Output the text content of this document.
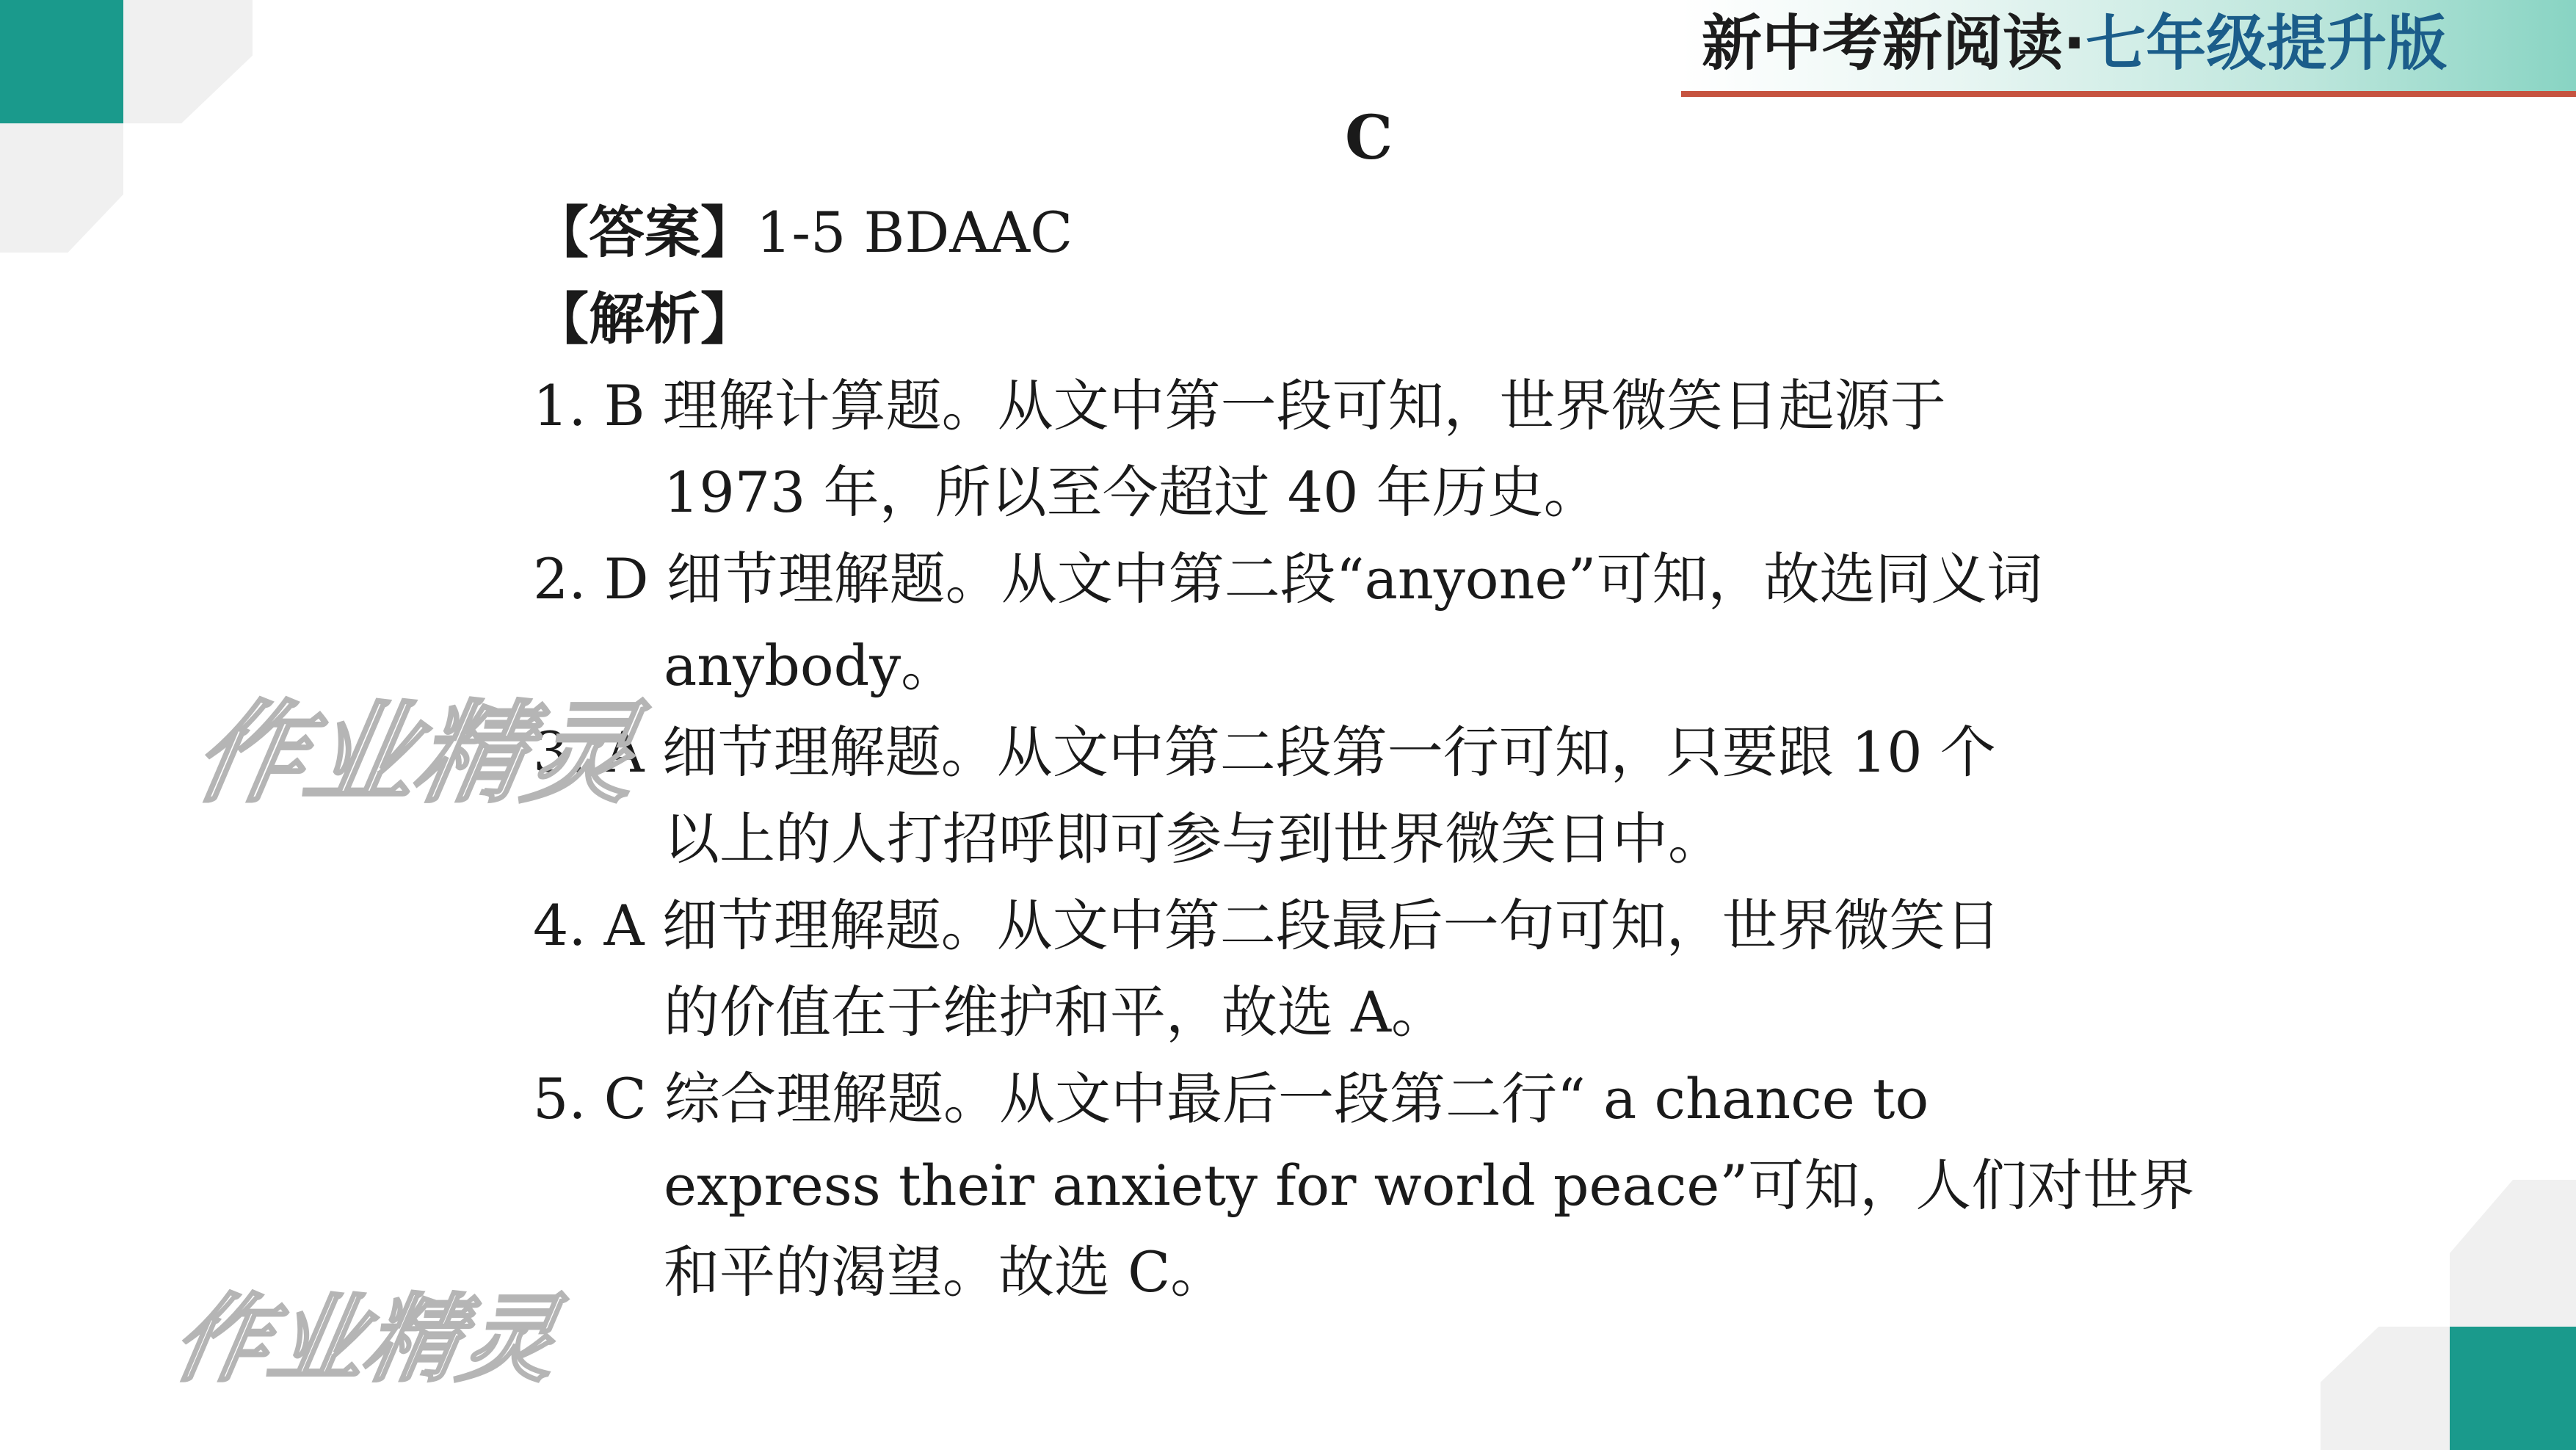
新中考新阅读·七年级提升版
C
【答案】1-5 BDAAC
【解析】
1. B 理解计算题。从文中第一段可知，世界微笑日起源于
1973 年，所以至今超过 40 年历史。
2. D 细节理解题。从文中第二段“anyone”可知，故选同义词
anybody。
3. A 细节理解题。从文中第二段第一行可知，只要跟 10 个
以上的人打招呼即可参与到世界微笑日中。
4. A 细节理解题。从文中第二段最后一句可知，世界微笑日
的价值在于维护和平，故选 A。
5. C 综合理解题。从文中最后一段第二行“ a chance to
express their anxiety for world peace”可知，人们对世界
和平的渴望。故选 C。
作业精灵
作业精灵
